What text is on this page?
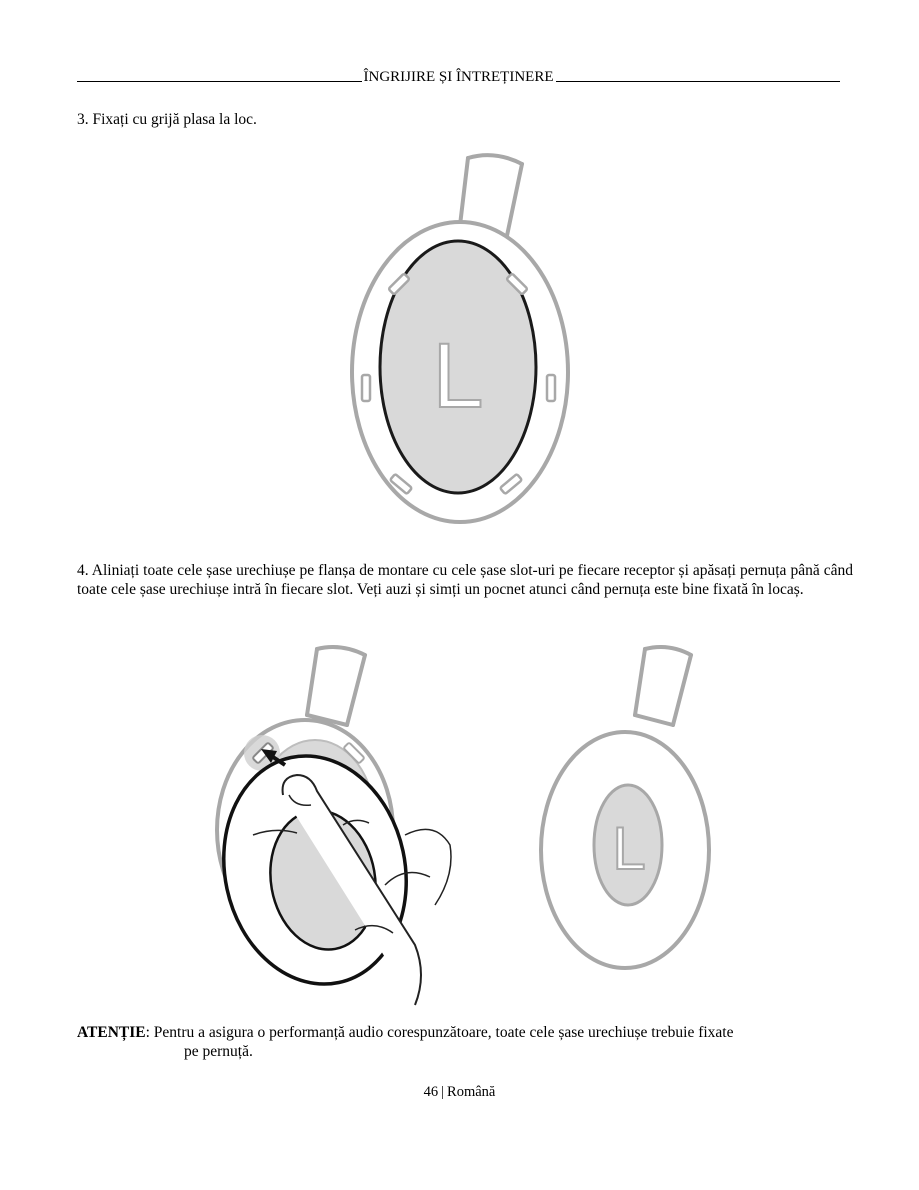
ÎNGRIJIRE ȘI ÎNTREȚINERE
3. Fixați cu grijă plasa la loc.
L
4. Aliniați toate cele șase urechiușe pe flanșa de montare cu cele șase slot-uri pe fiecare receptor și apăsați pernuța până când toate cele șase urechiușe intră în fiecare slot. Veți auzi și simți un pocnet atunci când pernuța este bine fixată în locaș.
L
ATENȚIE: Pentru a asigura o performanță audio corespunzătoare, toate cele șase urechiușe trebuie fixate
pe pernuță.
46 | Română
